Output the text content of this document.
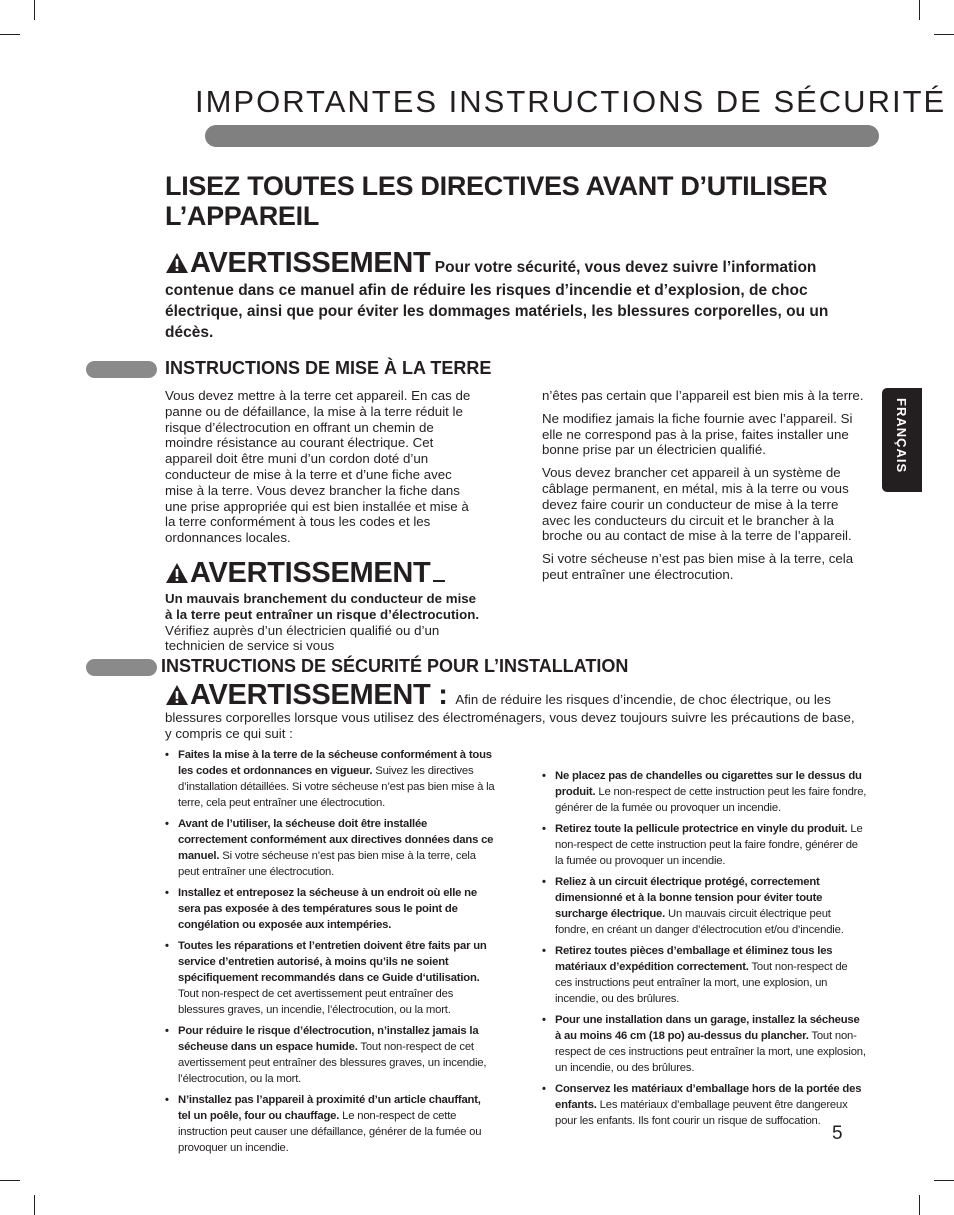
IMPORTANTES INSTRUCTIONS DE SÉCURITÉ
LISEZ TOUTES LES DIRECTIVES AVANT D’UTILISER L’APPAREIL
AVERTISSEMENT Pour votre sécurité, vous devez suivre l’information contenue dans ce manuel afin de réduire les risques d’incendie et d’explosion, de choc électrique, ainsi que pour éviter les dommages matériels, les blessures corporelles, ou un décès.
INSTRUCTIONS DE MISE À LA TERRE

Vous devez mettre à la terre cet appareil. En cas de panne ou de défaillance, la mise à la terre réduit le risque d’électrocution en offrant un chemin de moindre résistance au courant électrique. Cet appareil doit être muni d’un cordon doté d’un conducteur de mise à la terre et d’une fiche avec mise à la terre. Vous devez brancher la fiche dans une prise appropriée qui est bien installée et mise à la terre conformément à tous les codes et les ordonnances locales.

AVERTISSEMENT
Un mauvais branchement du conducteur de mise à la terre peut entraîner un risque d’électrocution. Vérifiez auprès d’un électricien qualifié ou d’un technicien de service si vous

n’êtes pas certain que l’appareil est bien mis à la terre.

Ne modifiez jamais la fiche fournie avec l’appareil. Si elle ne correspond pas à la prise, faites installer une bonne prise par un électricien qualifié.

Vous devez brancher cet appareil à un système de câblage permanent, en métal, mis à la terre ou vous devez faire courir un conducteur de mise à la terre avec les conducteurs du circuit et le brancher à la broche ou au contact de mise à la terre de l’appareil.

Si votre sécheuse n’est pas bien mise à la terre, cela peut entraîner une électrocution.

FRANÇAIS
INSTRUCTIONS DE SÉCURITÉ POUR L’INSTALLATION
AVERTISSEMENT : Afin de réduire les risques d’incendie, de choc électrique, ou les blessures corporelles lorsque vous utilisez des électroménagers, vous devez toujours suivre les précautions de base, y compris ce qui suit :
• Faites la mise à la terre de la sécheuse conformément à tous les codes et ordonnances en vigueur. Suivez les directives d’installation détaillées. Si votre sécheuse n’est pas bien mise à la terre, cela peut entraîner une électrocution.
• Avant de l’utiliser, la sécheuse doit être installée correctement conformément aux directives données dans ce manuel. Si votre sécheuse n’est pas bien mise à la terre, cela peut entraîner une électrocution.
• Installez et entreposez la sécheuse à un endroit où elle ne sera pas exposée à des températures sous le point de congélation ou exposée aux intempéries.
• Toutes les réparations et l’entretien doivent être faits par un service d’entretien autorisé, à moins qu’ils ne soient spécifiquement recommandés dans ce Guide d‘utilisation. Tout non-respect de cet avertissement peut entraîner des blessures graves, un incendie, l’électrocution, ou la mort.
• Pour réduire le risque d’électrocution, n’installez jamais la sécheuse dans un espace humide. Tout non-respect de cet avertissement peut entraîner des blessures graves, un incendie, l’électrocution, ou la mort.
• N’installez pas l’appareil à proximité d’un article chauffant, tel un poêle, four ou chauffage. Le non-respect de cette instruction peut causer une défaillance, générer de la fumée ou provoquer un incendie.
• Ne placez pas de chandelles ou cigarettes sur le dessus du produit. Le non-respect de cette instruction peut les faire fondre, générer de la fumée ou provoquer un incendie.
• Retirez toute la pellicule protectrice en vinyle du produit. Le non-respect de cette instruction peut la faire fondre, générer de la fumée ou provoquer un incendie.
• Reliez à un circuit électrique protégé, correctement dimensionné et à la bonne tension pour éviter toute surcharge électrique. Un mauvais circuit électrique peut fondre, en créant un danger d’électrocution et/ou d’incendie.
• Retirez toutes pièces d’emballage et éliminez tous les matériaux d’expédition correctement. Tout non-respect de ces instructions peut entraîner la mort, une explosion, un incendie, ou des brûlures.
• Pour une installation dans un garage, installez la sécheuse à au moins 46 cm (18 po) au-dessus du plancher. Tout non-respect de ces instructions peut entraîner la mort, une explosion, un incendie, ou des brûlures.
• Conservez les matériaux d’emballage hors de la portée des enfants. Les matériaux d’emballage peuvent être dangereux pour les enfants. Ils font courir un risque de suffocation.
5
